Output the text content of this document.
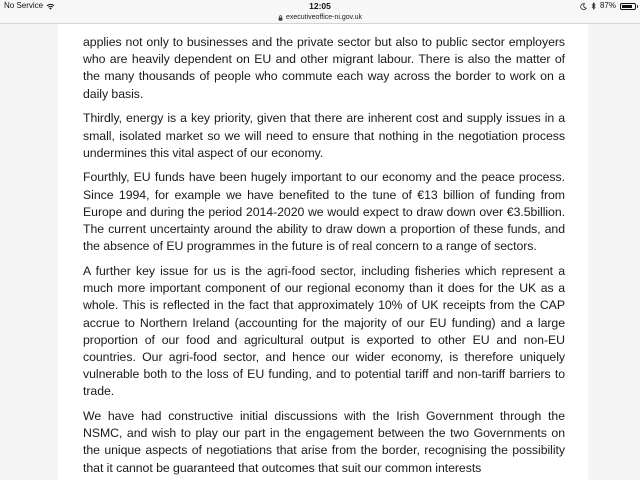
No Service	12:05	87%
executiveoffice-ni.gov.uk

applies not only to businesses and the private sector but also to public sector employers who are heavily dependent on EU and other migrant labour. There is also the matter of the many thousands of people who commute each way across the border to work on a daily basis.

Thirdly, energy is a key priority, given that there are inherent cost and supply issues in a small, isolated market so we will need to ensure that nothing in the negotiation process undermines this vital aspect of our economy.

Fourthly, EU funds have been hugely important to our economy and the peace process. Since 1994, for example we have benefited to the tune of €13 billion of funding from Europe and during the period 2014-2020 we would expect to draw down over €3.5billion. The current uncertainty around the ability to draw down a proportion of these funds, and the absence of EU programmes in the future is of real concern to a range of sectors.

A further key issue for us is the agri-food sector, including fisheries which represent a much more important component of our regional economy than it does for the UK as a whole. This is reflected in the fact that approximately 10% of UK receipts from the CAP accrue to Northern Ireland (accounting for the majority of our EU funding) and a large proportion of our food and agricultural output is exported to other EU and non-EU countries. Our agri-food sector, and hence our wider economy, is therefore uniquely vulnerable both to the loss of EU funding, and to potential tariff and non-tariff barriers to trade.

We have had constructive initial discussions with the Irish Government through the NSMC, and wish to play our part in the engagement between the two Governments on the unique aspects of negotiations that arise from the border, recognising the possibility that it cannot be guaranteed that outcomes that suit our common interests
